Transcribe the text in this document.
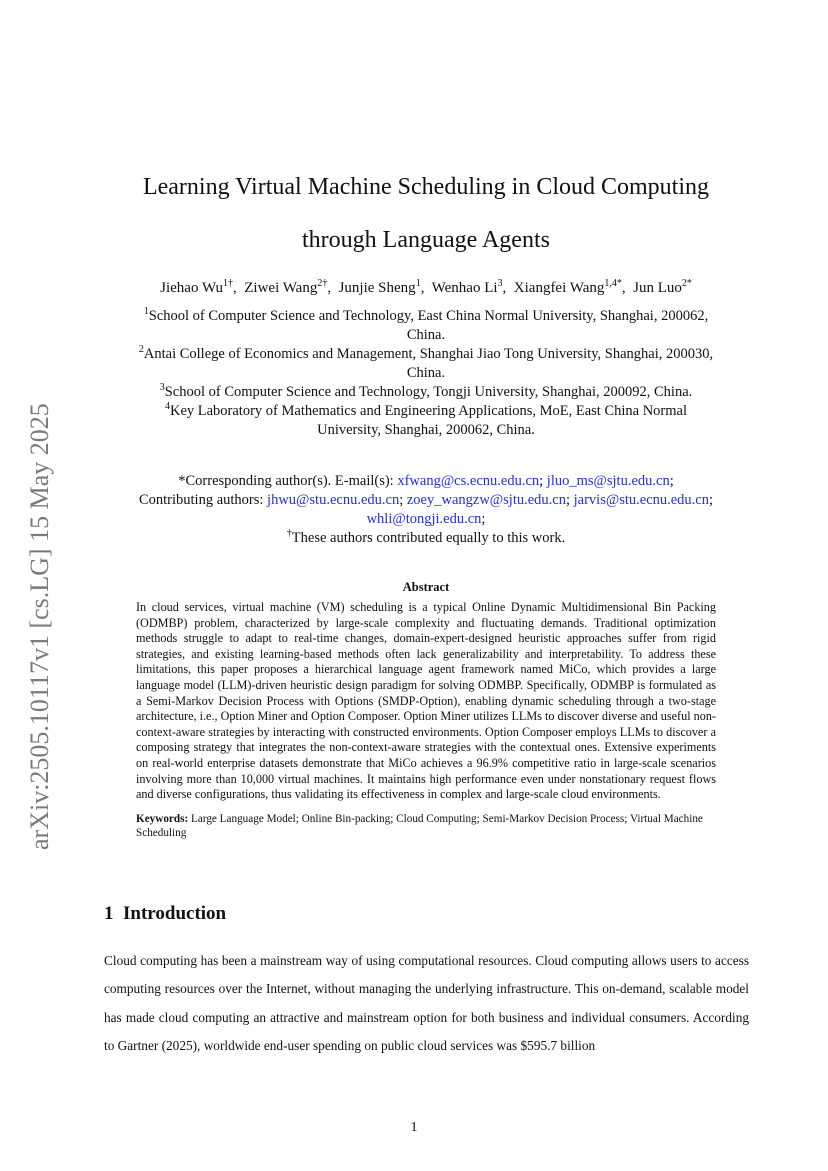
arXiv:2505.10117v1 [cs.LG] 15 May 2025
Learning Virtual Machine Scheduling in Cloud Computing
through Language Agents
Jiehao $Wu^{1\dagger}$,  Ziwei Wang$^{2\dagger}$,  Junjie Sheng$^1$,  Wenhao Li$^3$,  Xiangfei Wang$^{1,4*}$,  Jun Luo$^{2*}$
$^1$School of Computer Science and Technology, East China Normal University, Shanghai, 200062,
China.
$^2$Antai College of Economics and Management, Shanghai Jiao Tong University, Shanghai, 200030,
China.
$^3$School of Computer Science and Technology, Tongji University, Shanghai, 200092, China.
$^4$Key Laboratory of Mathematics and Engineering Applications, MoE, East China Normal
University, Shanghai, 200062, China.
*Corresponding author(s). E-mail(s): xfwang@cs.ecnu.edu.cn; jluo_ms@sjtu.edu.cn;
Contributing authors: jhwu@stu.ecnu.edu.cn; zoey_wangzw@sjtu.edu.cn; jarvis@stu.ecnu.edu.cn;
whli@tongji.edu.cn;
†These authors contributed equally to this work.
Abstract
In cloud services, virtual machine (VM) scheduling is a typical Online Dynamic Multidimensional Bin Packing (ODMBP) problem, characterized by large-scale complexity and fluctuating demands. Traditional optimization methods struggle to adapt to real-time changes, domain-expert-designed heuristic approaches suffer from rigid strategies, and existing learning-based methods often lack generalizability and interpretability. To address these limitations, this paper proposes a hierarchical language agent framework named MiCo, which provides a large language model (LLM)-driven heuristic design paradigm for solving ODMBP. Specifically, ODMBP is formulated as a Semi-Markov Decision Process with Options (SMDP-Option), enabling dynamic scheduling through a two-stage architecture, i.e., Option Miner and Option Composer. Option Miner utilizes LLMs to discover diverse and useful non-context-aware strategies by interacting with constructed environments. Option Composer employs LLMs to discover a composing strategy that integrates the non-context-aware strategies with the contextual ones. Extensive experiments on real-world enterprise datasets demonstrate that MiCo achieves a 96.9% competitive ratio in large-scale scenarios involving more than 10,000 virtual machines. It maintains high performance even under nonstationary request flows and diverse configurations, thus validating its effectiveness in complex and large-scale cloud environments.
Keywords: Large Language Model; Online Bin-packing; Cloud Computing; Semi-Markov Decision Process; Virtual Machine Scheduling
1 Introduction
Cloud computing has been a mainstream way of using computational resources. Cloud computing allows users to access computing resources over the Internet, without managing the underlying infrastructure. This on-demand, scalable model has made cloud computing an attractive and mainstream option for both business and individual consumers. According to Gartner (2025), worldwide end-user spending on public cloud services was $595.7 billion
1
